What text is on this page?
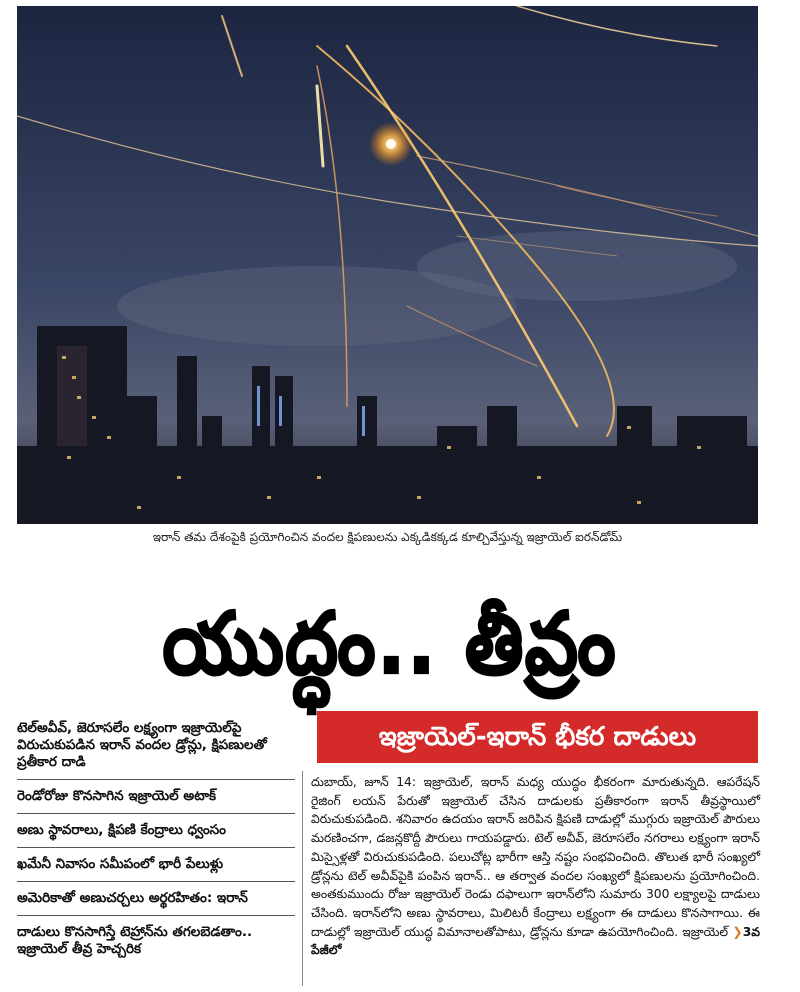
ఇరాన్ తమ దేశంపైకి ప్రయోగించిన వందల క్షిపణులను ఎక్కడికక్కడ కూల్చివేస్తున్న ఇజ్రాయెల్ ఐరన్‌డోమ్
యుద్ధం.. తీవ్రం
ఇజ్రాయెల్-ఇరాన్ భీకర దాడులు
టెల్‌అవీవ్, జెరూసలేం లక్ష్యంగా ఇజ్రాయెల్‌పై విరుచుకుపడిన ఇరాన్ వందల డ్రోన్లు, క్షిపణులతో ప్రతీకార దాడి
రెండోరోజు కొనసాగిన ఇజ్రాయెల్ అటాక్
అణు స్థావరాలు, క్షిపణి కేంద్రాలు ధ్వంసం
ఖమేనీ నివాసం సమీపంలో భారీ పేలుళ్లు
అమెరికాతో అణుచర్చలు అర్థరహితం: ఇరాన్
దాడులు కొనసాగిస్తే టెహ్రాన్‌ను తగలబెడతాం.. ఇజ్రాయెల్ తీవ్ర హెచ్చరిక

దుబాయ్, జూన్ 14: ఇజ్రాయెల్, ఇరాన్ మధ్య యుద్ధం భీకరంగా మారుతున్నది. ఆపరేషన్ రైజింగ్ లయన్ పేరుతో ఇజ్రాయెల్ చేసిన దాడులకు ప్రతీకారంగా ఇరాన్ తీవ్రస్థాయిలో విరుచుకుపడింది. శనివారం ఉదయం ఇరాన్ జరిపిన క్షిపణి దాడుల్లో ముగ్గురు ఇజ్రాయెల్ పౌరులు మరణించగా, డజన్లకొద్దీ పౌరులు గాయపడ్డారు. టెల్ అవీవ్, జెరూసలేం నగరాలు లక్ష్యంగా ఇరాన్ మిస్సైళ్లతో విరుచుకుపడింది. పలుచోట్ల భారీగా ఆస్తి నష్టం సంభవించింది. తొలుత భారీ సంఖ్యలో డ్రోన్లను టెల్ అవీవ్‌పైకి పంపిన ఇరాన్.. ఆ తర్వాత వందల సంఖ్యలో క్షిపణులను ప్రయోగించింది. అంతకుముందు రోజు ఇజ్రాయెల్ రెండు దఫాలుగా ఇరాన్‌లోని సుమారు 300 లక్ష్యాలపై దాడులు చేసింది. ఇరాన్‌లోని అణు స్థావరాలు, మిలిటరీ కేంద్రాలు లక్ష్యంగా ఈ దాడులు కొనసాగాయి. ఈ దాడుల్లో ఇజ్రాయెల్ యుద్ధ విమానాలతోపాటు, డ్రోన్లను కూడా ఉపయోగించింది. ఇజ్రాయెల్ ❯3వ పేజీలో
